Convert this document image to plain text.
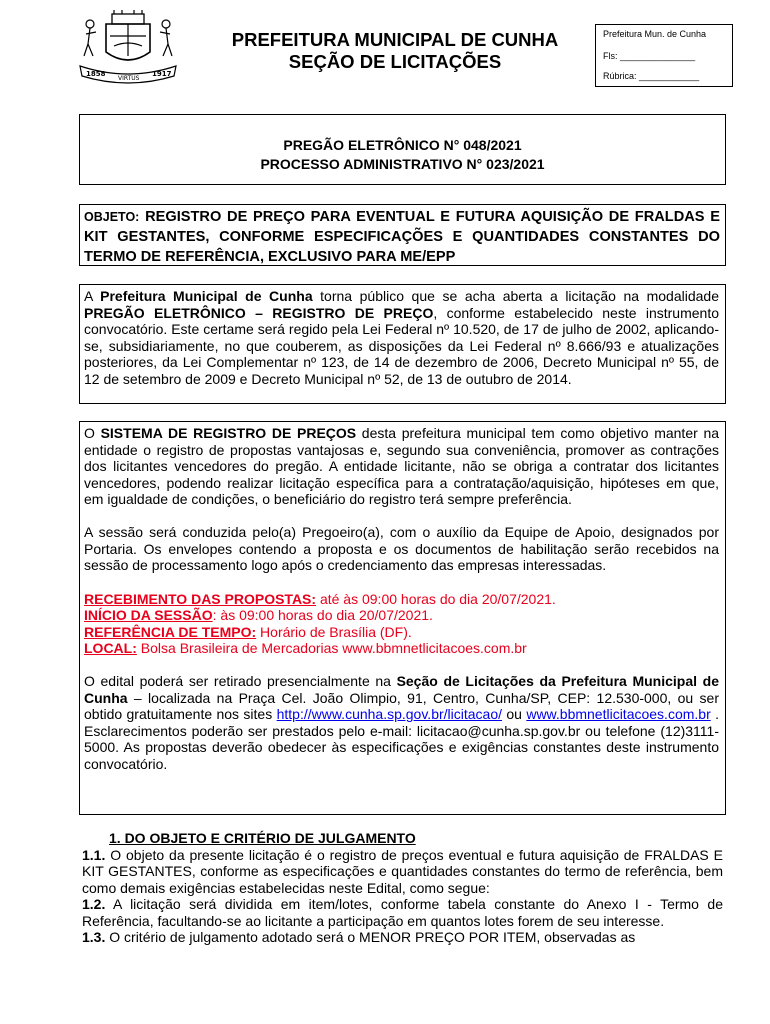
1858
VIRTUS
1917
PREFEITURA MUNICIPAL DE CUNHA
SEÇÃO DE LICITAÇÕES
Prefeitura Mun. de Cunha
Fls: _______________
Rúbrica: ____________
PREGÃO ELETRÔNICO N° 048/2021
PROCESSO ADMINISTRATIVO N° 023/2021
OBJETO: REGISTRO DE PREÇO PARA EVENTUAL E FUTURA AQUISIÇÃO DE FRALDAS E KIT GESTANTES, CONFORME ESPECIFICAÇÕES E QUANTIDADES CONSTANTES DO TERMO DE REFERÊNCIA, EXCLUSIVO PARA ME/EPP

A Prefeitura Municipal de Cunha torna público que se acha aberta a licitação na modalidade PREGÃO ELETRÔNICO – REGISTRO DE PREÇO, conforme estabelecido neste instrumento convocatório. Este certame será regido pela Lei Federal nº 10.520, de 17 de julho de 2002, aplicando-se, subsidiariamente, no que couberem, as disposições da Lei Federal nº 8.666/93 e atualizações posteriores, da Lei Complementar nº 123, de 14 de dezembro de 2006, Decreto Municipal nº 55, de 12 de setembro de 2009 e Decreto Municipal nº 52, de 13 de outubro de 2014.

O SISTEMA DE REGISTRO DE PREÇOS desta prefeitura municipal tem como objetivo manter na entidade o registro de propostas vantajosas e, segundo sua conveniência, promover as contrações dos licitantes vencedores do pregão. A entidade licitante, não se obriga a contratar dos licitantes vencedores, podendo realizar licitação específica para a contratação/aquisição, hipóteses em que, em igualdade de condições, o beneficiário do registro terá sempre preferência.

A sessão será conduzida pelo(a) Pregoeiro(a), com o auxílio da Equipe de Apoio, designados por Portaria. Os envelopes contendo a proposta e os documentos de habilitação serão recebidos na sessão de processamento logo após o credenciamento das empresas interessadas.

RECEBIMENTO DAS PROPOSTAS: até às 09:00 horas do dia 20/07/2021.
INÍCIO DA SESSÃO: às 09:00 horas do dia 20/07/2021.
REFERÊNCIA DE TEMPO: Horário de Brasília (DF).
LOCAL: Bolsa Brasileira de Mercadorias www.bbmnetlicitacoes.com.br

O edital poderá ser retirado presencialmente na Seção de Licitações da Prefeitura Municipal de Cunha – localizada na Praça Cel. João Olimpio, 91, Centro, Cunha/SP, CEP: 12.530-000, ou ser obtido gratuitamente nos sites http://www.cunha.sp.gov.br/licitacao/ ou www.bbmnetlicitacoes.com.br . Esclarecimentos poderão ser prestados pelo e-mail: licitacao@cunha.sp.gov.br ou telefone (12)3111-5000. As propostas deverão obedecer às especificações e exigências constantes deste instrumento convocatório.

1. DO OBJETO E CRITÉRIO DE JULGAMENTO

1.1. O objeto da presente licitação é o registro de preços eventual e futura aquisição de FRALDAS E KIT GESTANTES, conforme as especificações e quantidades constantes do termo de referência, bem como demais exigências estabelecidas neste Edital, como segue:

1.2. A licitação será dividida em item/lotes, conforme tabela constante do Anexo I - Termo de Referência, facultando-se ao licitante a participação em quantos lotes forem de seu interesse.

1.3. O critério de julgamento adotado será o MENOR PREÇO POR ITEM, observadas as
